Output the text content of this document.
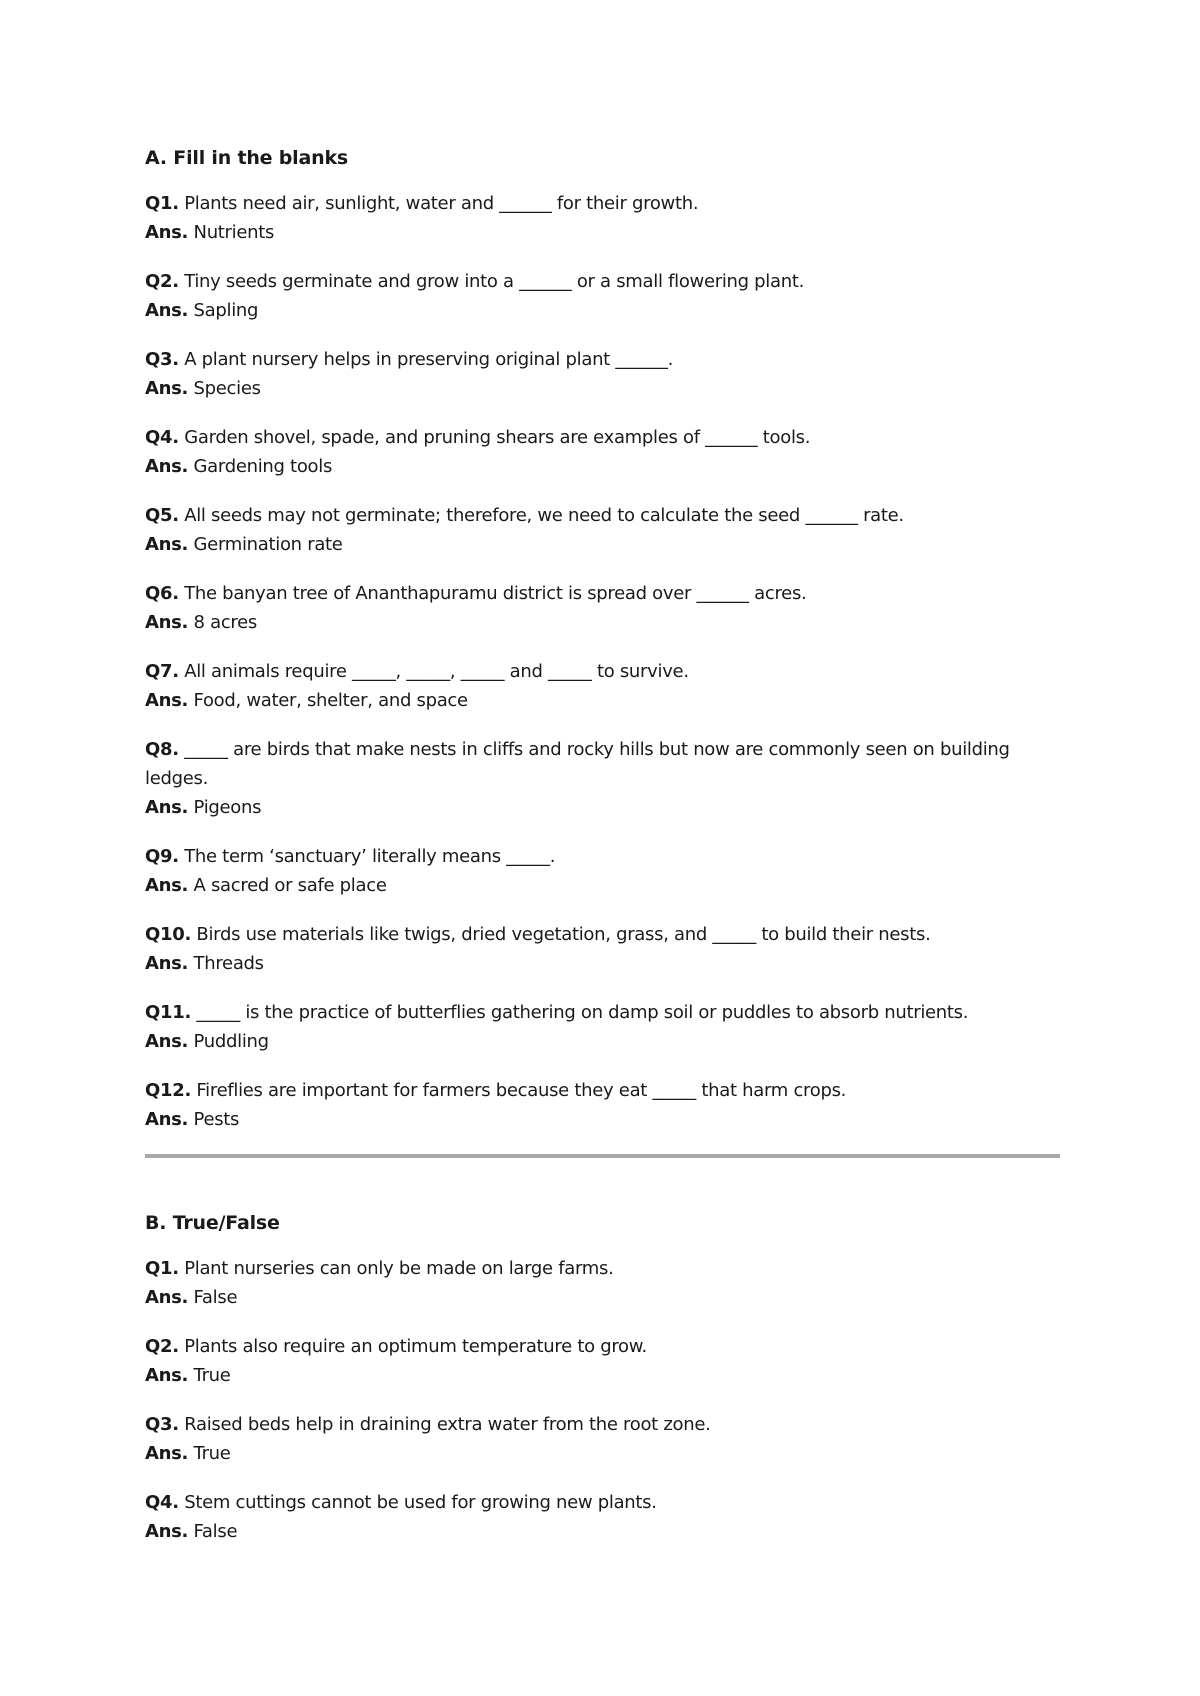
A. Fill in the blanks
Q1. Plants need air, sunlight, water and ______ for their growth.
Ans. Nutrients
Q2. Tiny seeds germinate and grow into a ______ or a small flowering plant.
Ans. Sapling
Q3. A plant nursery helps in preserving original plant ______.
Ans. Species
Q4. Garden shovel, spade, and pruning shears are examples of ______ tools.
Ans. Gardening tools
Q5. All seeds may not germinate; therefore, we need to calculate the seed ______ rate.
Ans. Germination rate
Q6. The banyan tree of Ananthapuramu district is spread over ______ acres.
Ans. 8 acres
Q7. All animals require _____, _____, _____ and _____ to survive.
Ans. Food, water, shelter, and space
Q8. _____ are birds that make nests in cliffs and rocky hills but now are commonly seen on building ledges.
Ans. Pigeons
Q9. The term ‘sanctuary’ literally means _____.
Ans. A sacred or safe place
Q10. Birds use materials like twigs, dried vegetation, grass, and _____ to build their nests.
Ans. Threads
Q11. _____ is the practice of butterflies gathering on damp soil or puddles to absorb nutrients.
Ans. Puddling
Q12. Fireflies are important for farmers because they eat _____ that harm crops.
Ans. Pests
B. True/False
Q1. Plant nurseries can only be made on large farms.
Ans. False
Q2. Plants also require an optimum temperature to grow.
Ans. True
Q3. Raised beds help in draining extra water from the root zone.
Ans. True
Q4. Stem cuttings cannot be used for growing new plants.
Ans. False
